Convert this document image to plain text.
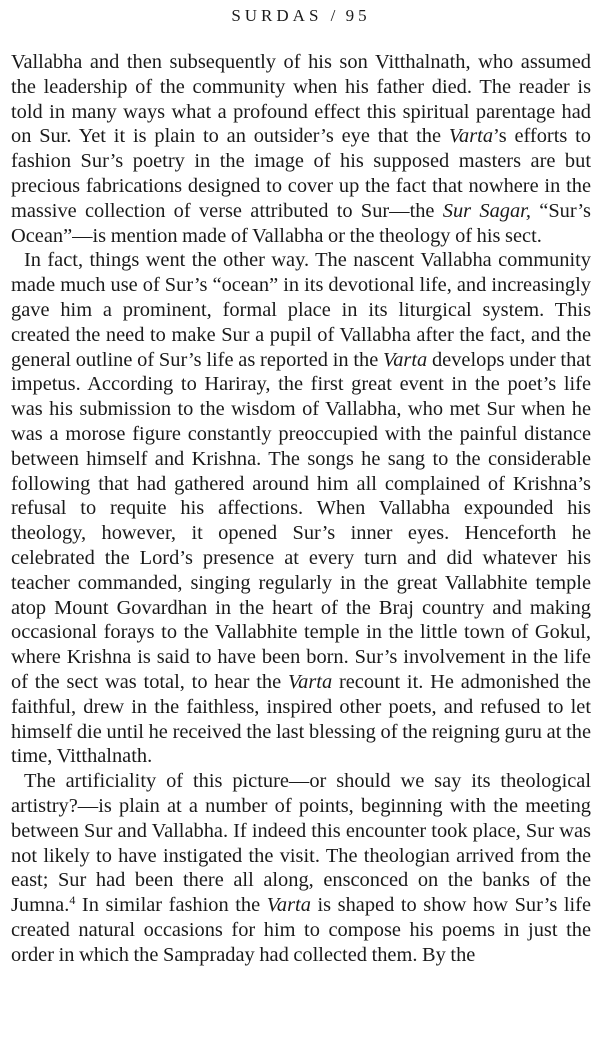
SURDAS / 95

Vallabha and then subsequently of his son Vitthalnath, who assumed the leadership of the community when his father died. The reader is told in many ways what a profound effect this spiritual parentage had on Sur. Yet it is plain to an outsider’s eye that the Varta’s efforts to fashion Sur’s poetry in the image of his supposed masters are but precious fabrications designed to cover up the fact that nowhere in the massive collection of verse attributed to Sur—the Sur Sagar, “Sur’s Ocean”—is mention made of Vallabha or the theology of his sect.

In fact, things went the other way. The nascent Vallabha community made much use of Sur’s “ocean” in its devotional life, and increasingly gave him a prominent, formal place in its liturgical system. This created the need to make Sur a pupil of Vallabha after the fact, and the general outline of Sur’s life as reported in the Varta develops under that impetus. According to Hariray, the first great event in the poet’s life was his submission to the wisdom of Vallabha, who met Sur when he was a morose figure constantly preoccupied with the painful distance between himself and Krishna. The songs he sang to the considerable following that had gathered around him all complained of Krishna’s refusal to requite his affections. When Vallabha expounded his theology, however, it opened Sur’s inner eyes. Henceforth he celebrated the Lord’s presence at every turn and did whatever his teacher commanded, singing regularly in the great Vallabhite temple atop Mount Govardhan in the heart of the Braj country and making occasional forays to the Vallabhite temple in the little town of Gokul, where Krishna is said to have been born. Sur’s involvement in the life of the sect was total, to hear the Varta recount it. He admonished the faithful, drew in the faithless, inspired other poets, and refused to let himself die until he received the last blessing of the reigning guru at the time, Vitthalnath.

The artificiality of this picture—or should we say its theological artistry?—is plain at a number of points, beginning with the meeting between Sur and Vallabha. If indeed this encounter took place, Sur was not likely to have instigated the visit. The theologian arrived from the east; Sur had been there all along, ensconced on the banks of the Jumna.$^4$ In similar fashion the Varta is shaped to show how Sur’s life created natural occasions for him to compose his poems in just the order in which the Sampraday had collected them. By the
